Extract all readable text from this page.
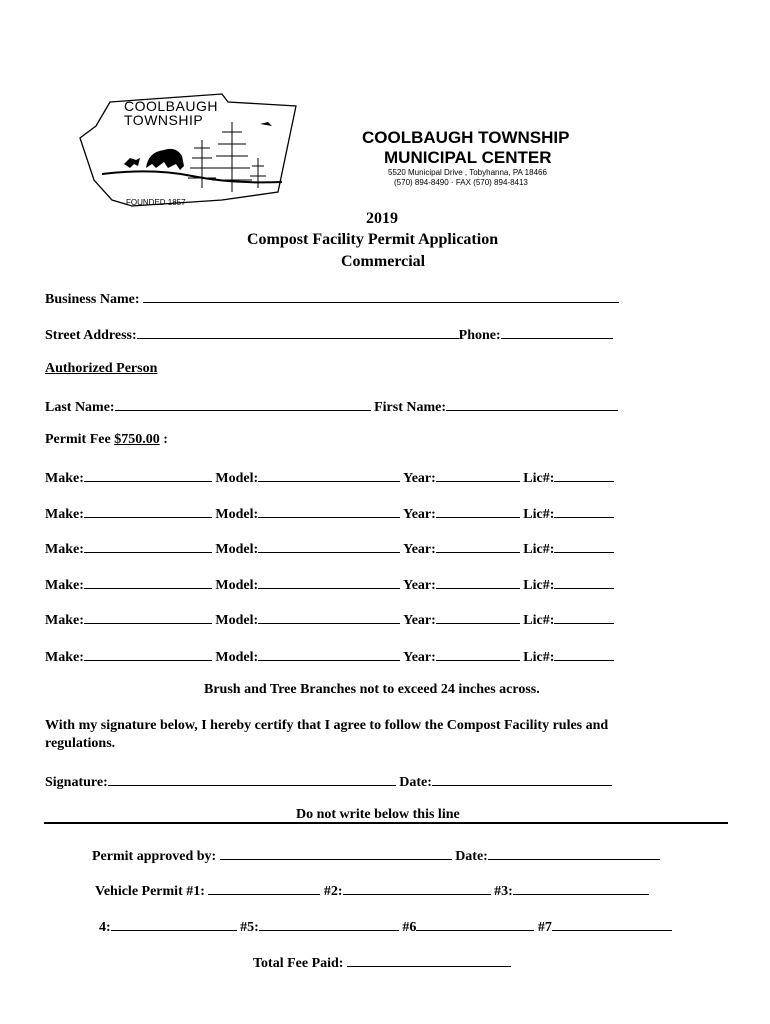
COOLBAUGH
TOWNSHIP
FOUNDED 1857
COOLBAUGH TOWNSHIP
MUNICIPAL CENTER
5520 Municipal Drive , Tobyhanna, PA 18466
(570) 894-8490 · FAX (570) 894-8413
2019
Compost Facility Permit Application
Commercial
Business Name:
Street Address:	Phone:
Authorized Person
Last Name:	First Name:
Permit Fee $750.00 :
Make:	Model:	Year:	Lic#:
Make:	Model:	Year:	Lic#:
Make:	Model:	Year:	Lic#:
Make:	Model:	Year:	Lic#:
Make:	Model:	Year:	Lic#:
Make:	Model:	Year:	Lic#:
Brush and Tree Branches not to exceed 24 inches across.
With my signature below, I hereby certify that I agree to follow the Compost Facility rules and
regulations.
Signature:	Date:
Do not write below this line
Permit approved by:	Date:
Vehicle Permit #1:	#2:	#3:
4:	#5:	#6	#7
Total Fee Paid:
